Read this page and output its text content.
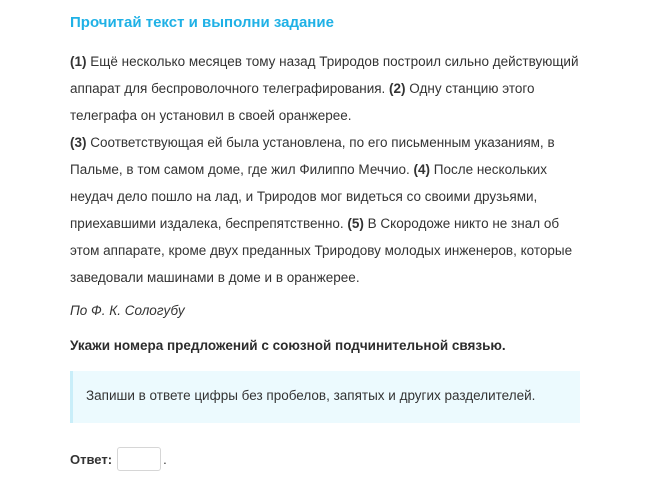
Прочитай текст и выполни задание

(1) Ещё несколько месяцев тому назад Триродов построил сильно действующий аппарат для беспроволочного телеграфирования. (2) Одну станцию этого телеграфа он установил в своей оранжерее.

(3) Соответствующая ей была установлена, по его письменным указаниям, в Пальме, в том самом доме, где жил Филиппо Меччио. (4) После нескольких неудач дело пошло на лад, и Триродов мог видеться со своими друзьями, приехавшими издалека, беспрепятственно. (5) В Скородоже никто не знал об этом аппарате, кроме двух преданных Триродову молодых инженеров, которые заведовали машинами в доме и в оранжерее.

По Ф. К. Сологубу
Укажи номера предложений с союзной подчинительной связью.
Запиши в ответе цифры без пробелов, запятых и других разделителей.
Ответ:	.
